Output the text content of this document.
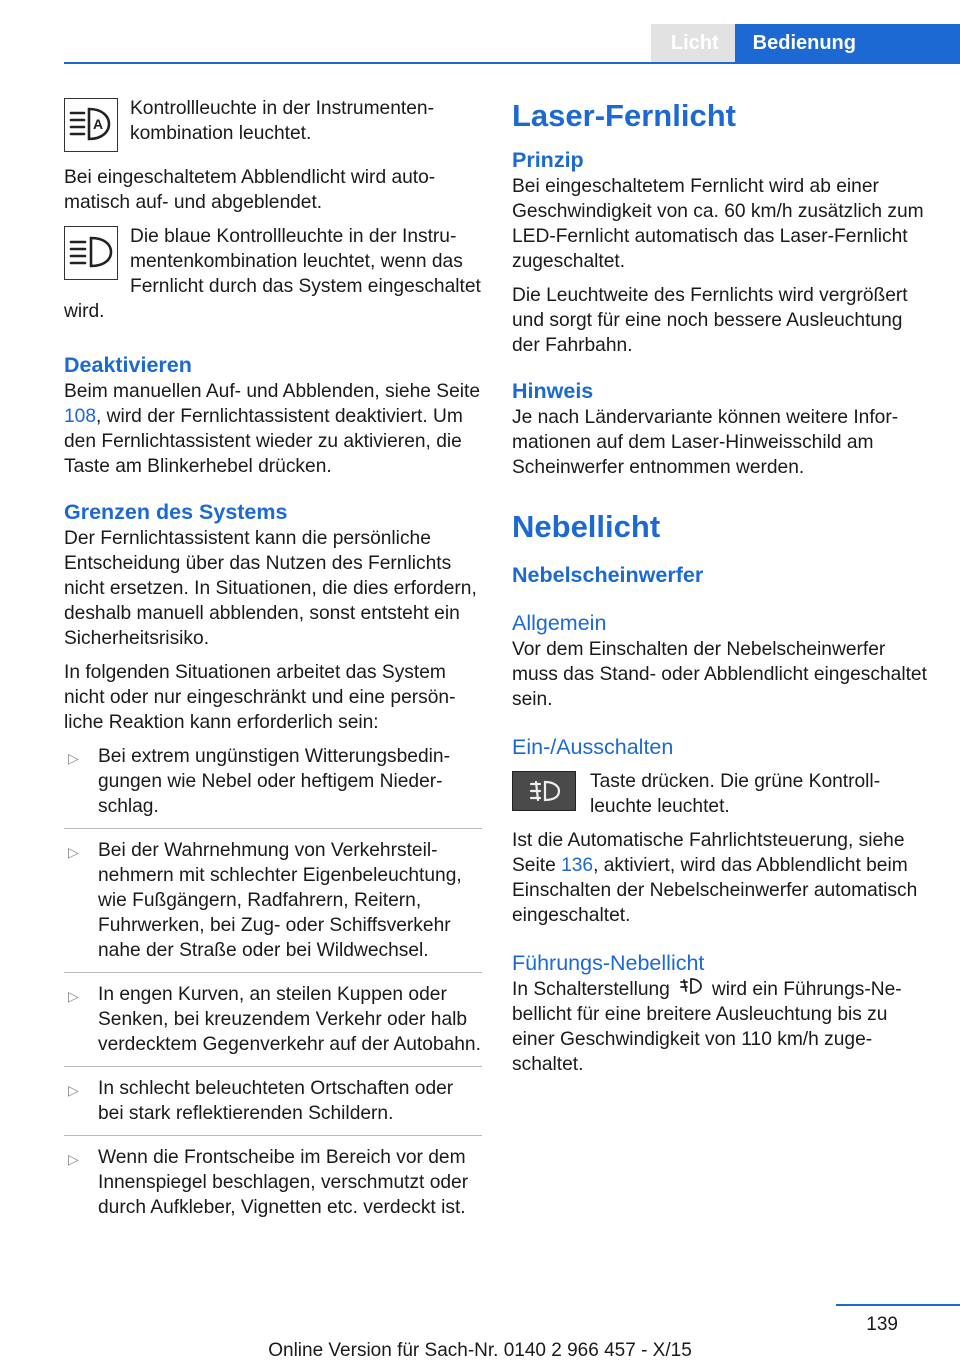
Licht	Bedienung
A
Kontrollleuchte in der Instrumentenkombination leuchtet.

Bei eingeschaltetem Abblendlicht wird automatisch auf- und abgeblendet.

Die blaue Kontrollleuchte in der Instrumentenkombination leuchtet, wenn das Fernlicht durch das System eingeschaltet wird.
Deaktivieren

Beim manuellen Auf- und Abblenden, siehe Seite 108, wird der Fernlichtassistent deaktiviert. Um den Fernlichtassistent wieder zu aktivieren, die Taste am Blinkerhebel drücken.

Grenzen des Systems

Der Fernlichtassistent kann die persönliche Entscheidung über das Nutzen des Fernlichts nicht ersetzen. In Situationen, die dies erfordern, deshalb manuell abblenden, sonst entsteht ein Sicherheitsrisiko.

In folgenden Situationen arbeitet das System nicht oder nur eingeschränkt und eine persönliche Reaktion kann erforderlich sein:

▷ Bei extrem ungünstigen Witterungsbedingungen wie Nebel oder heftigem Niederschlag.
▷ Bei der Wahrnehmung von Verkehrsteilnehmern mit schlechter Eigenbeleuchtung, wie Fußgängern, Radfahrern, Reitern, Fuhrwerken, bei Zug- oder Schiffsverkehr nahe der Straße oder bei Wildwechsel.
▷ In engen Kurven, an steilen Kuppen oder Senken, bei kreuzendem Verkehr oder halb verdecktem Gegenverkehr auf der Autobahn.
▷ In schlecht beleuchteten Ortschaften oder bei stark reflektierenden Schildern.
▷ Wenn die Frontscheibe im Bereich vor dem Innenspiegel beschlagen, verschmutzt oder durch Aufkleber, Vignetten etc. verdeckt ist.
Laser-Fernlicht
Prinzip

Bei eingeschaltetem Fernlicht wird ab einer Geschwindigkeit von ca. 60 km/h zusätzlich zum LED-Fernlicht automatisch das Laser-Fernlicht zugeschaltet.

Die Leuchtweite des Fernlichts wird vergrößert und sorgt für eine noch bessere Ausleuchtung der Fahrbahn.

Hinweis

Je nach Ländervariante können weitere Informationen auf dem Laser-Hinweisschild am Scheinwerfer entnommen werden.

Nebellicht
Nebelscheinwerfer
Allgemein

Vor dem Einschalten der Nebelscheinwerfer muss das Stand- oder Abblendlicht eingeschaltet sein.

Ein-/Ausschalten
Taste drücken. Die grüne Kontrollleuchte leuchtet.

Ist die Automatische Fahrlichtsteuerung, siehe Seite 136, aktiviert, wird das Abblendlicht beim Einschalten der Nebelscheinwerfer automatisch eingeschaltet.

Führungs-Nebellicht

In Schalterstellung wird ein Führungs-Nebellicht für eine breitere Ausleuchtung bis zu einer Geschwindigkeit von 110 km/h zugeschaltet.

139
Online Version für Sach-Nr. 0140 2 966 457 - X/15
